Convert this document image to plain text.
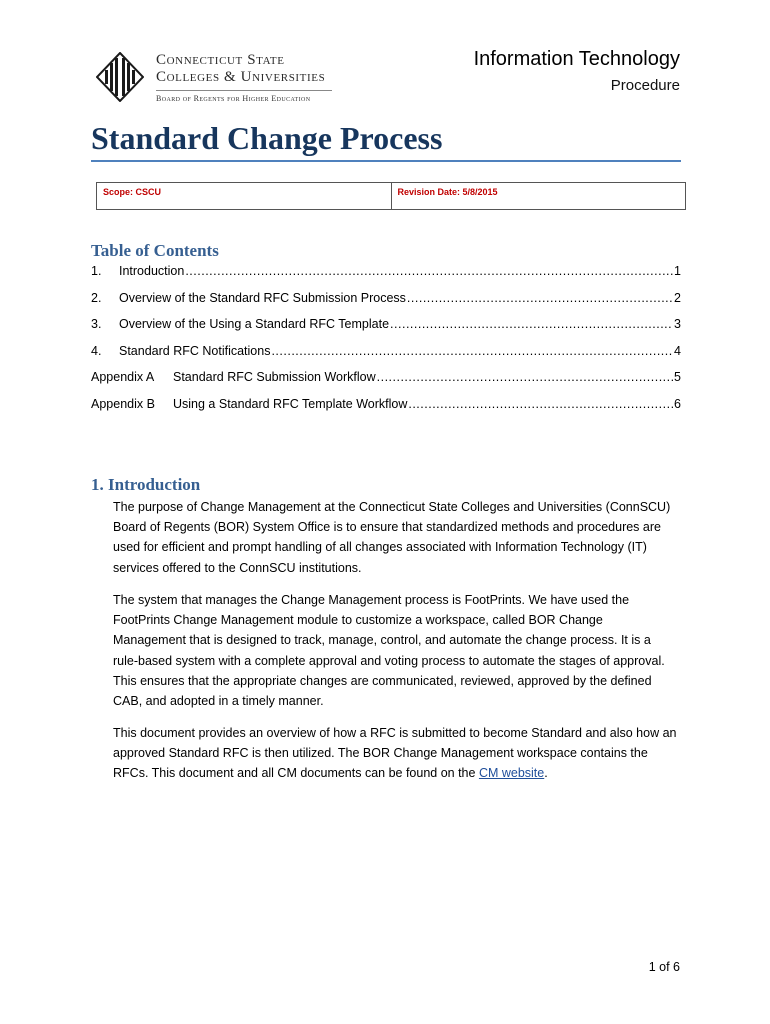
Connecticut State
Colleges & Universities
Board of Regents for Higher Education
Information Technology
Procedure
Standard Change Process
Scope: CSCU	Revision Date: 5/8/2015
Table of Contents
1.	Introduction .....	1
2.	Overview of the Standard RFC Submission Process .....	2
3.	Overview of the Using a Standard RFC Template .....	3
4.	Standard RFC Notifications .....	4
Appendix A	Standard RFC Submission Workflow .....	5
Appendix B	Using a Standard RFC Template Workflow .....	6
1. Introduction

The purpose of Change Management at the Connecticut State Colleges and Universities (ConnSCU) Board of Regents (BOR) System Office is to ensure that standardized methods and procedures are used for efficient and prompt handling of all changes associated with Information Technology (IT) services offered to the ConnSCU institutions.

The system that manages the Change Management process is FootPrints. We have used the FootPrints Change Management module to customize a workspace, called BOR Change Management that is designed to track, manage, control, and automate the change process. It is a rule-based system with a complete approval and voting process to automate the stages of approval. This ensures that the appropriate changes are communicated, reviewed, approved by the defined CAB, and adopted in a timely manner.

This document provides an overview of how a RFC is submitted to become Standard and also how an approved Standard RFC is then utilized. The BOR Change Management workspace contains the RFCs. This document and all CM documents can be found on the CM website.

1 of 6
